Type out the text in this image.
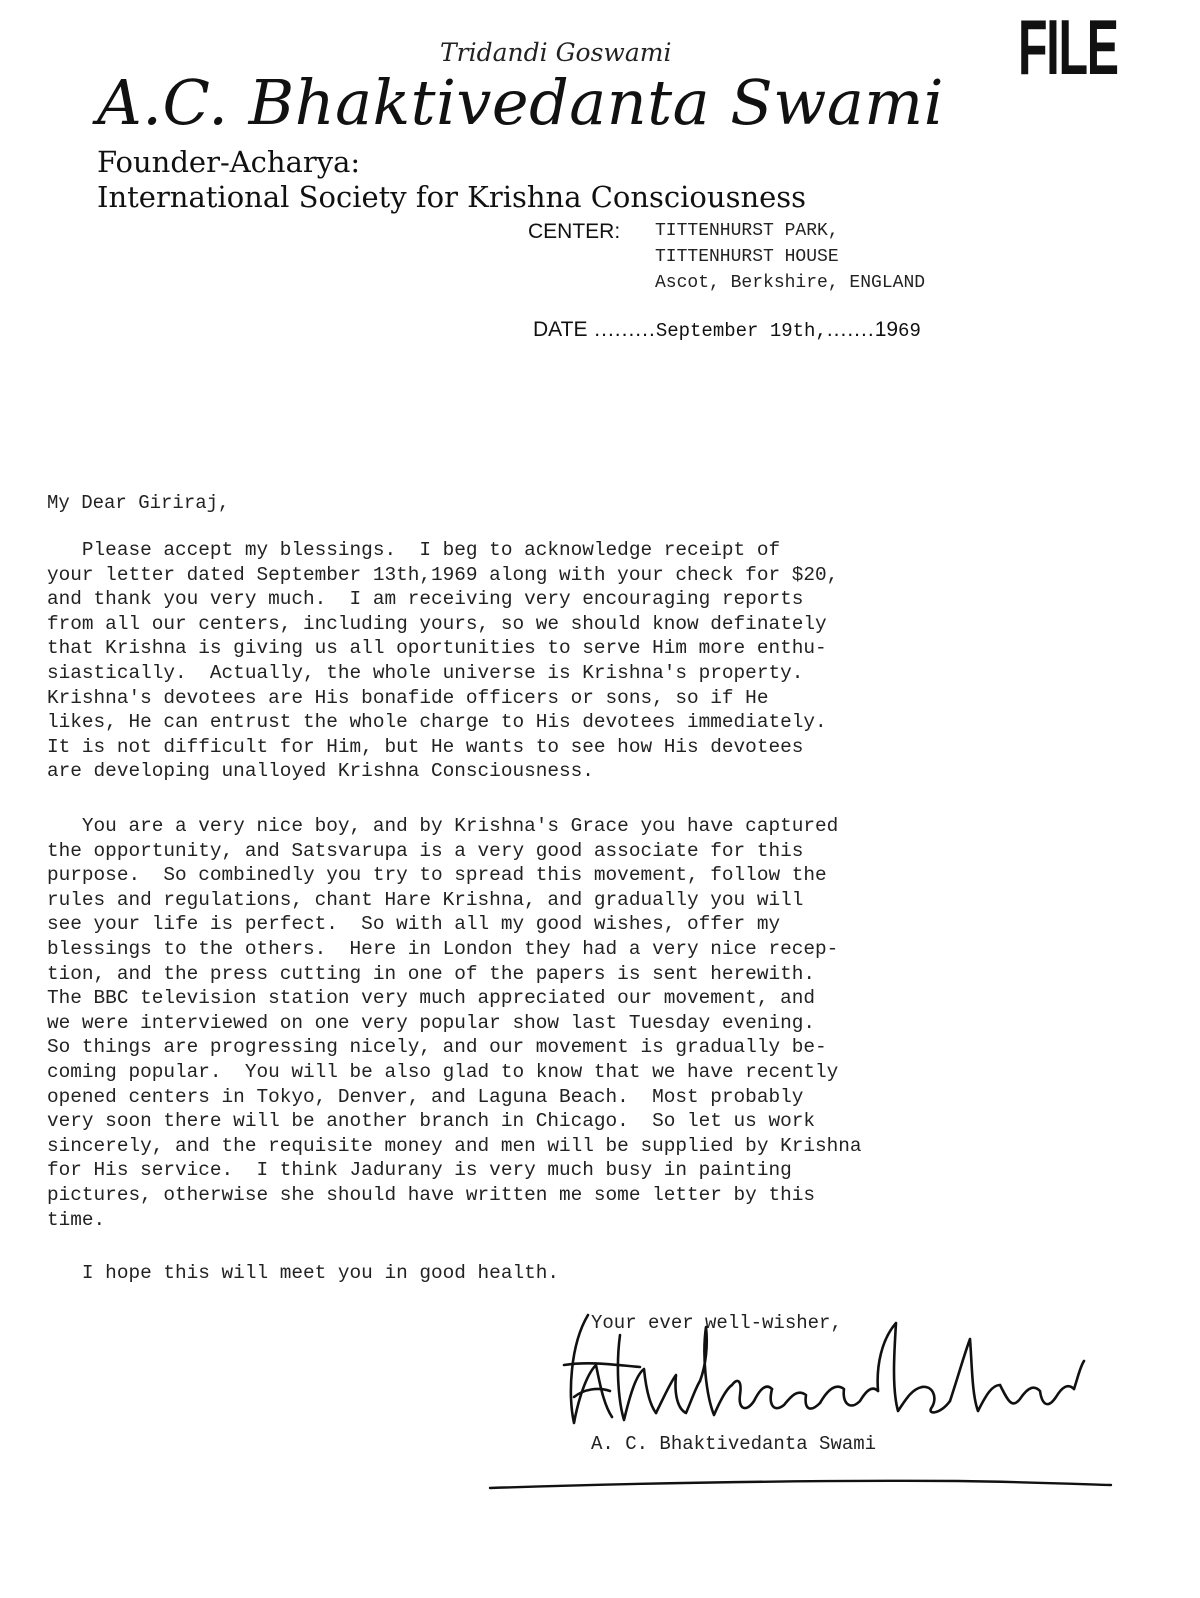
FILE
Tridandi Goswami
A.C. Bhaktivedanta Swami
Founder-Acharya:
International Society for Krishna Consciousness
CENTER: TITTENHURST PARK,
TITTENHURST HOUSE
Ascot, Berkshire, ENGLAND
DATE .........September 19th,.......1969
My Dear Giriraj,
Please accept my blessings.  I beg to acknowledge receipt of
your letter dated September 13th,1969 along with your check for $20,
and thank you very much.  I am receiving very encouraging reports
from all our centers, including yours, so we should know definately
that Krishna is giving us all oportunities to serve Him more enthu-
siastically.  Actually, the whole universe is Krishna's property.
Krishna's devotees are His bonafide officers or sons, so if He
likes, He can entrust the whole charge to His devotees immediately.
It is not difficult for Him, but He wants to see how His devotees
are developing unalloyed Krishna Consciousness.
You are a very nice boy, and by Krishna's Grace you have captured
the opportunity, and Satsvarupa is a very good associate for this
purpose.  So combinedly you try to spread this movement, follow the
rules and regulations, chant Hare Krishna, and gradually you will
see your life is perfect.  So with all my good wishes, offer my
blessings to the others.  Here in London they had a very nice recep-
tion, and the press cutting in one of the papers is sent herewith.
The BBC television station very much appreciated our movement, and
we were interviewed on one very popular show last Tuesday evening.
So things are progressing nicely, and our movement is gradually be-
coming popular.  You will be also glad to know that we have recently
opened centers in Tokyo, Denver, and Laguna Beach.  Most probably
very soon there will be another branch in Chicago.  So let us work
sincerely, and the requisite money and men will be supplied by Krishna
for His service.  I think Jadurany is very much busy in painting
pictures, otherwise she should have written me some letter by this
time.
I hope this will meet you in good health.
Your ever well-wisher,
A. C. Bhaktivedanta Swami
